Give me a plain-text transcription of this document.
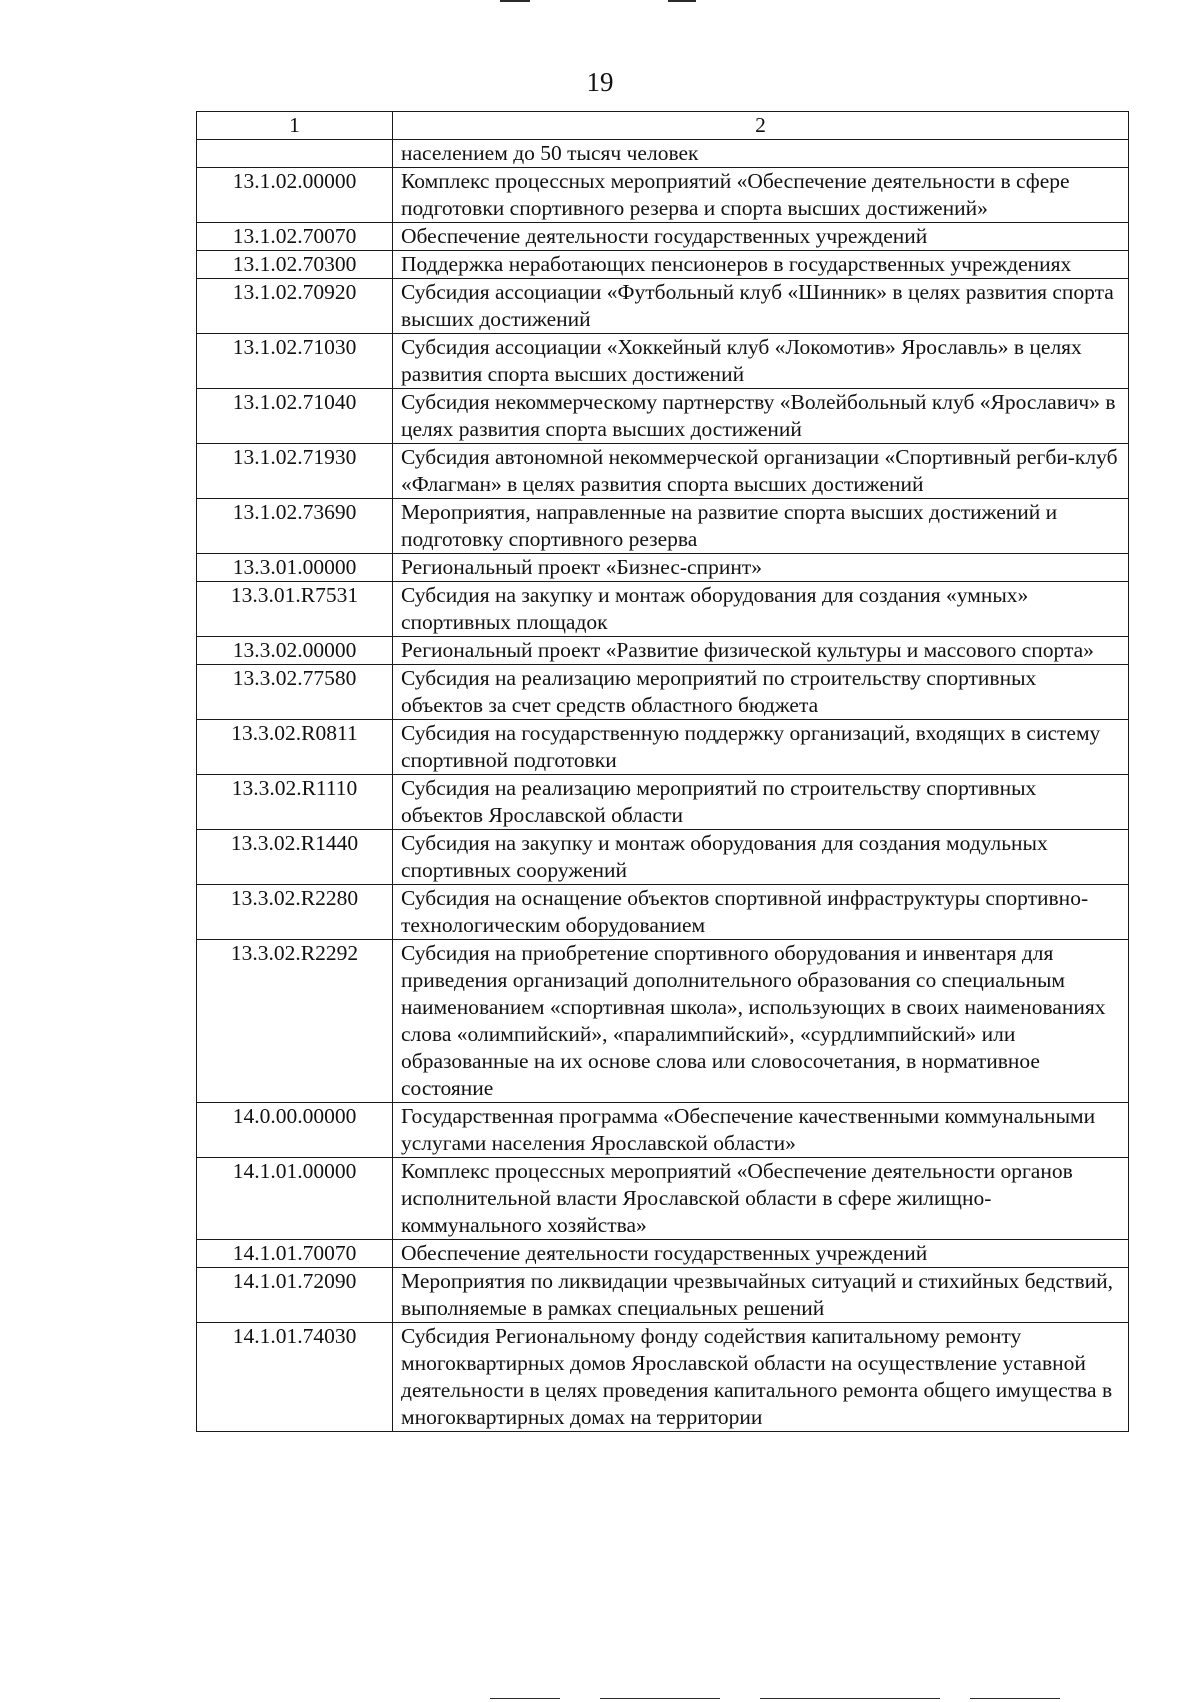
19
1	2
	населением до 50 тысяч человек
13.1.02.00000	Комплекс процессных мероприятий «Обеспечение деятельности в сфере подготовки спортивного резерва и спорта высших достижений»
13.1.02.70070	Обеспечение деятельности государственных учреждений
13.1.02.70300	Поддержка неработающих пенсионеров в государственных учреждениях
13.1.02.70920	Субсидия ассоциации «Футбольный клуб «Шинник» в целях развития спорта высших достижений
13.1.02.71030	Субсидия ассоциации «Хоккейный клуб «Локомотив» Ярославль» в целях развития спорта высших достижений
13.1.02.71040	Субсидия некоммерческому партнерству «Волейбольный клуб «Ярославич» в целях развития спорта высших достижений
13.1.02.71930	Субсидия автономной некоммерческой организации «Спортивный регби-клуб «Флагман» в целях развития спорта высших достижений
13.1.02.73690	Мероприятия, направленные на развитие спорта высших достижений и подготовку спортивного резерва
13.3.01.00000	Региональный проект «Бизнес-спринт»
13.3.01.R7531	Субсидия на закупку и монтаж оборудования для создания «умных» спортивных площадок
13.3.02.00000	Региональный проект «Развитие физической культуры и массового спорта»
13.3.02.77580	Субсидия на реализацию мероприятий по строительству спортивных объектов за счет средств областного бюджета
13.3.02.R0811	Субсидия на государственную поддержку организаций, входящих в систему спортивной подготовки
13.3.02.R1110	Субсидия на реализацию мероприятий по строительству спортивных объектов Ярославской области
13.3.02.R1440	Субсидия на закупку и монтаж оборудования для создания модульных спортивных сооружений
13.3.02.R2280	Субсидия на оснащение объектов спортивной инфраструктуры спортивно-технологическим оборудованием
13.3.02.R2292	Субсидия на приобретение спортивного оборудования и инвентаря для приведения организаций дополнительного образования со специальным наименованием «спортивная школа», использующих в своих наименованиях слова «олимпийский», «паралимпийский», «сурдлимпийский» или образованные на их основе слова или словосочетания, в нормативное состояние
14.0.00.00000	Государственная программа «Обеспечение качественными коммунальными услугами населения Ярославской области»
14.1.01.00000	Комплекс процессных мероприятий «Обеспечение деятельности органов исполнительной власти Ярославской области в сфере жилищно-коммунального хозяйства»
14.1.01.70070	Обеспечение деятельности государственных учреждений
14.1.01.72090	Мероприятия по ликвидации чрезвычайных ситуаций и стихийных бедствий, выполняемые в рамках специальных решений
14.1.01.74030	Субсидия Региональному фонду содействия капитальному ремонту многоквартирных домов Ярославской области на осуществление уставной деятельности в целях проведения капитального ремонта общего имущества в многоквартирных домах на территории
